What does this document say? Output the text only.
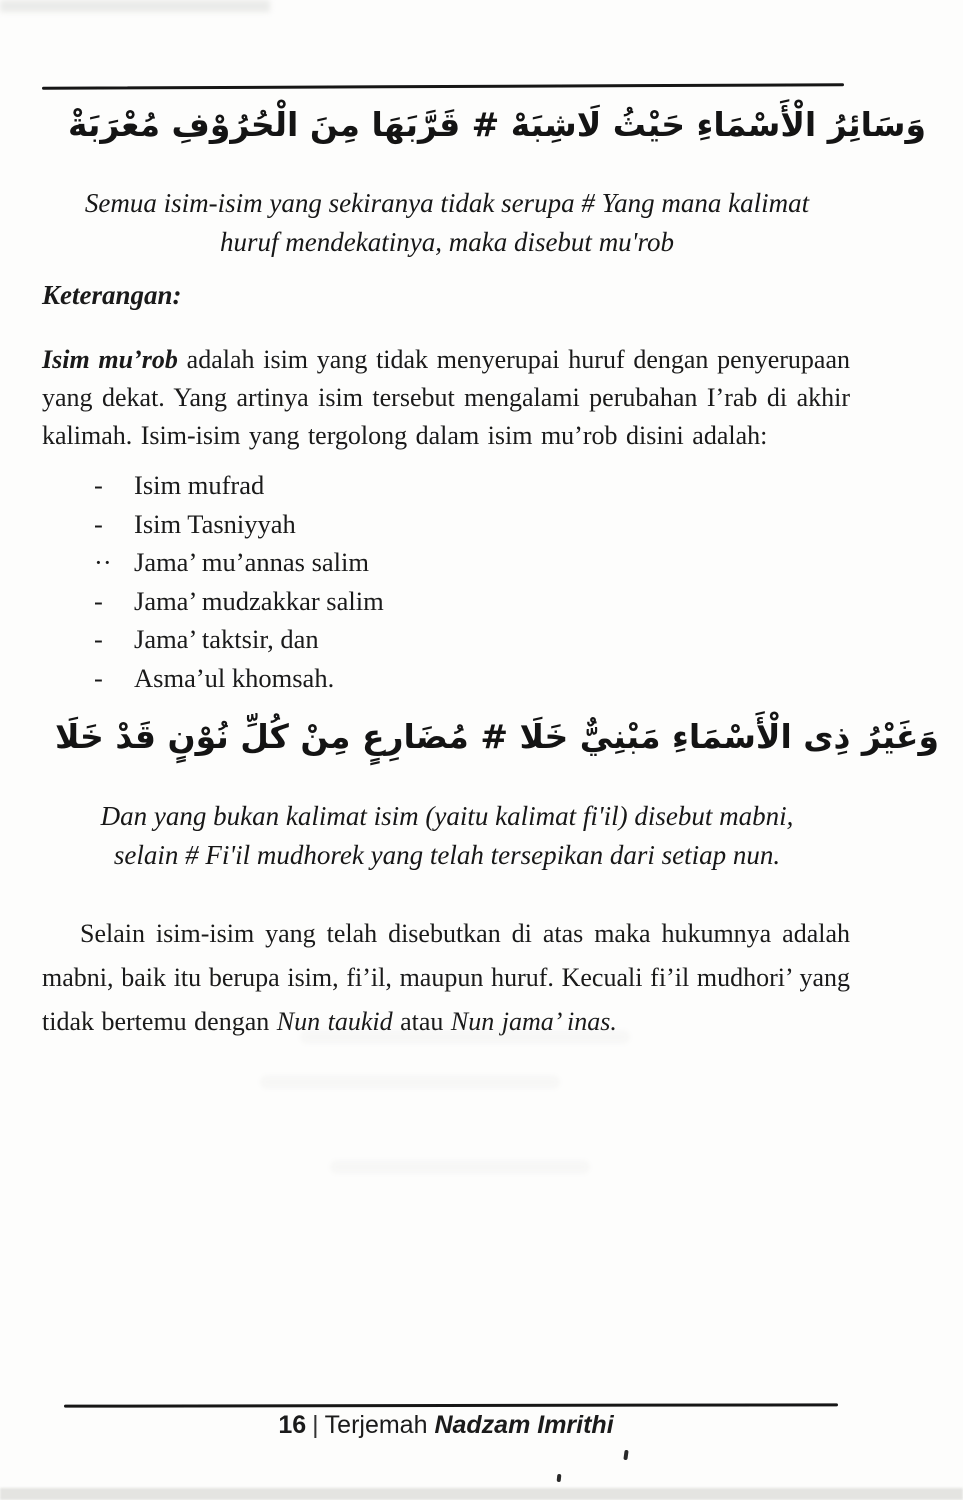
وَسَائِرُ الْأَسْمَاءِ حَيْثُ لَاشِبَهْ # قَرَّبَهَا مِنَ الْحُرُوْفِ مُعْرَبَةْ
Semua isim-isim yang sekiranya tidak serupa # Yang mana kalimat
huruf mendekatinya, maka disebut mu'rob
Keterangan:

Isim mu’rob adalah isim yang tidak menyerupai huruf dengan penyerupaan yang dekat. Yang artinya isim tersebut mengalami perubahan I’rab di akhir kalimah. Isim-isim yang tergolong dalam isim mu’rob disini adalah:

-	Isim mufrad
-	Isim Tasniyyah
·· Jama’ mu’annas salim
-	Jama’ mudzakkar salim
-	Jama’ taktsir, dan
-	Asma’ul khomsah.
وَغَيْرُ ذِى الْأَسْمَاءِ مَبْنِيٌّ خَلَا # مُضَارِعٍ مِنْ كُلِّ نُوْنٍ قَدْ خَلَا
Dan yang bukan kalimat isim (yaitu kalimat fi'il) disebut mabni,
selain # Fi'il mudhorek yang telah tersepikan dari setiap nun.

Selain isim-isim yang telah disebutkan di atas maka hukumnya adalah mabni, baik itu berupa isim, fi’il, maupun huruf. Kecuali fi’il mudhori’ yang tidak bertemu dengan Nun taukid atau Nun jama’ inas.

16 | Terjemah Nadzam Imrithi
